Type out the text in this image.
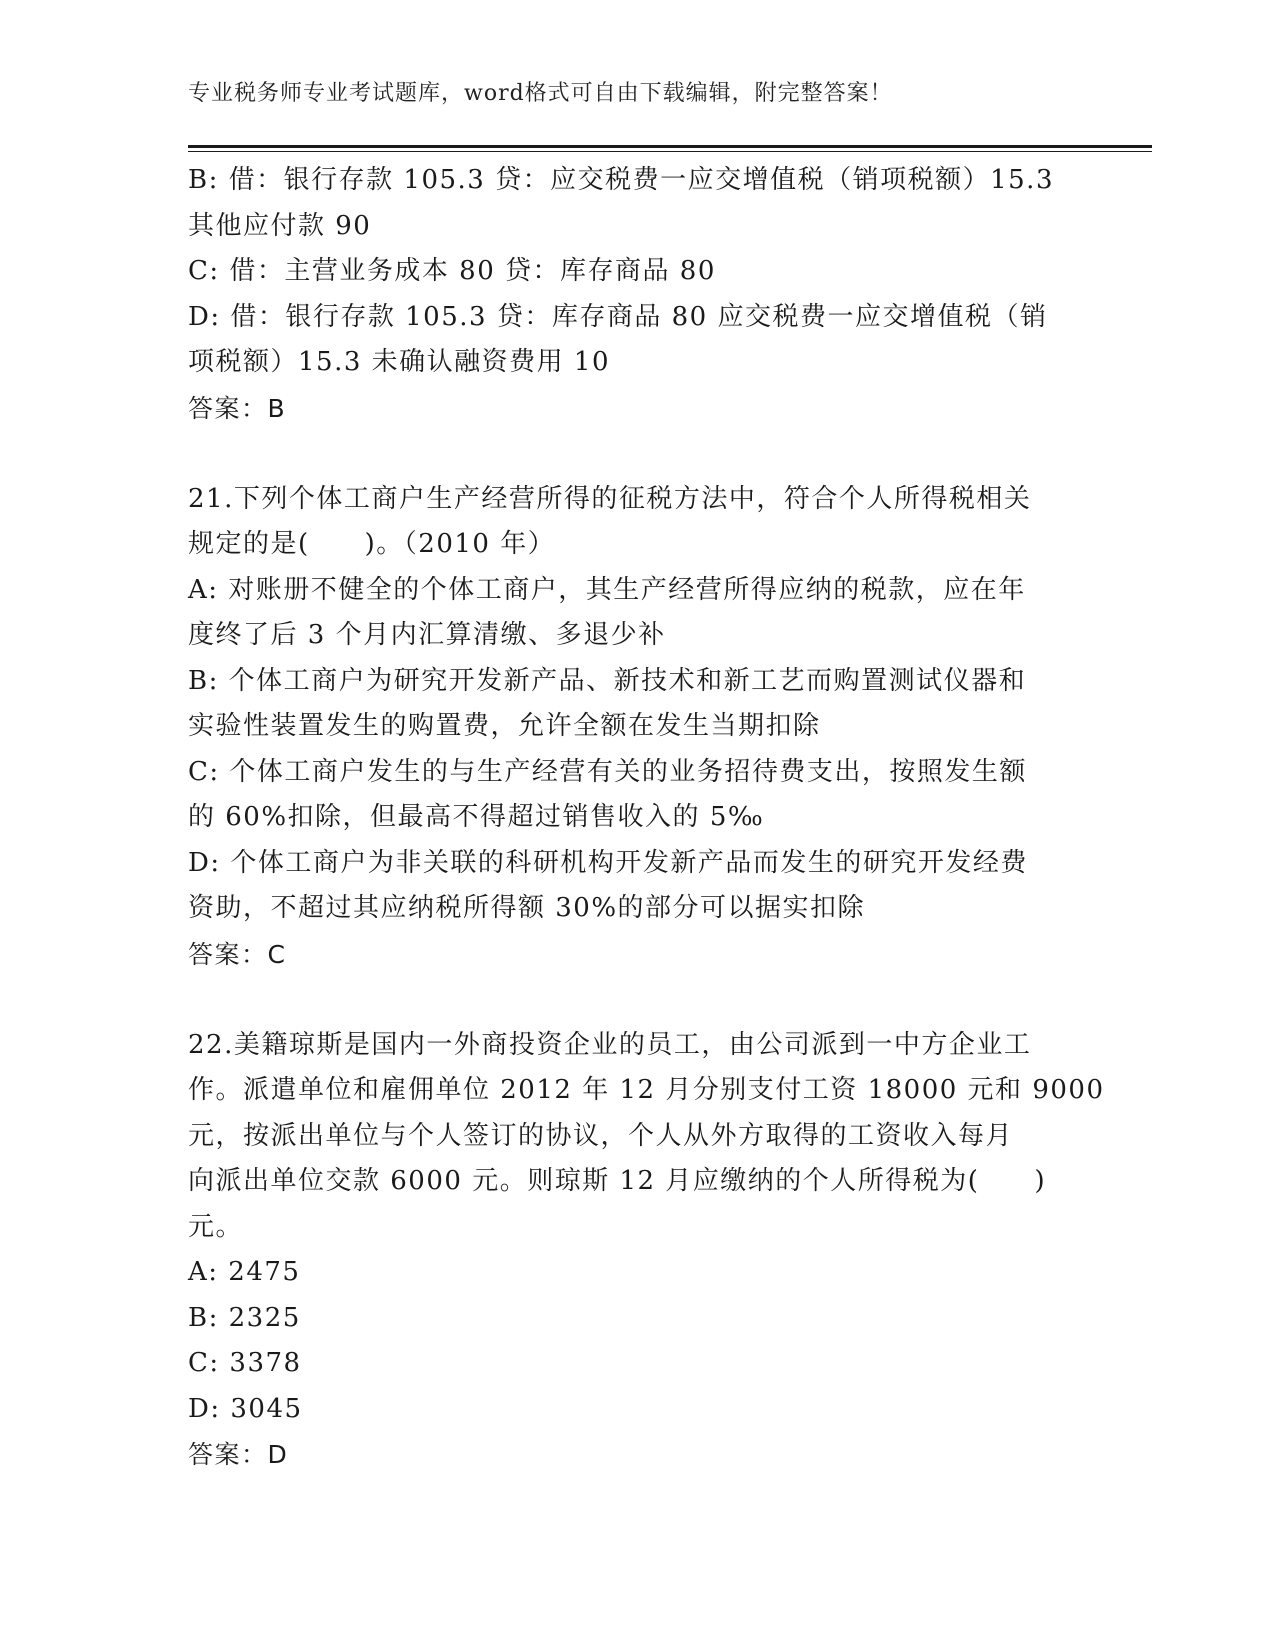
专业税务师专业考试题库，word格式可自由下载编辑，附完整答案！
B: 借：银行存款 105.3 贷：应交税费一应交增值税（销项税额）15.3
其他应付款 90
C: 借：主营业务成本 80 贷：库存商品 80
D: 借：银行存款 105.3 贷：库存商品 80 应交税费一应交增值税（销
项税额）15.3 未确认融资费用 10
答案：B
21.下列个体工商户生产经营所得的征税方法中，符合个人所得税相关
规定的是(　　)。（2010 年）
A: 对账册不健全的个体工商户，其生产经营所得应纳的税款，应在年
度终了后 3 个月内汇算清缴、多退少补
B: 个体工商户为研究开发新产品、新技术和新工艺而购置测试仪器和
实验性装置发生的购置费，允许全额在发生当期扣除
C: 个体工商户发生的与生产经营有关的业务招待费支出，按照发生额
的 60%扣除，但最高不得超过销售收入的 5‰
D: 个体工商户为非关联的科研机构开发新产品而发生的研究开发经费
资助，不超过其应纳税所得额 30%的部分可以据实扣除
答案：C
22.美籍琼斯是国内一外商投资企业的员工，由公司派到一中方企业工
作。派遣单位和雇佣单位 2012 年 12 月分别支付工资 18000 元和 9000
元，按派出单位与个人签订的协议，个人从外方取得的工资收入每月
向派出单位交款 6000 元。则琼斯 12 月应缴纳的个人所得税为(　　)
元。
A: 2475
B: 2325
C: 3378
D: 3045
答案：D
